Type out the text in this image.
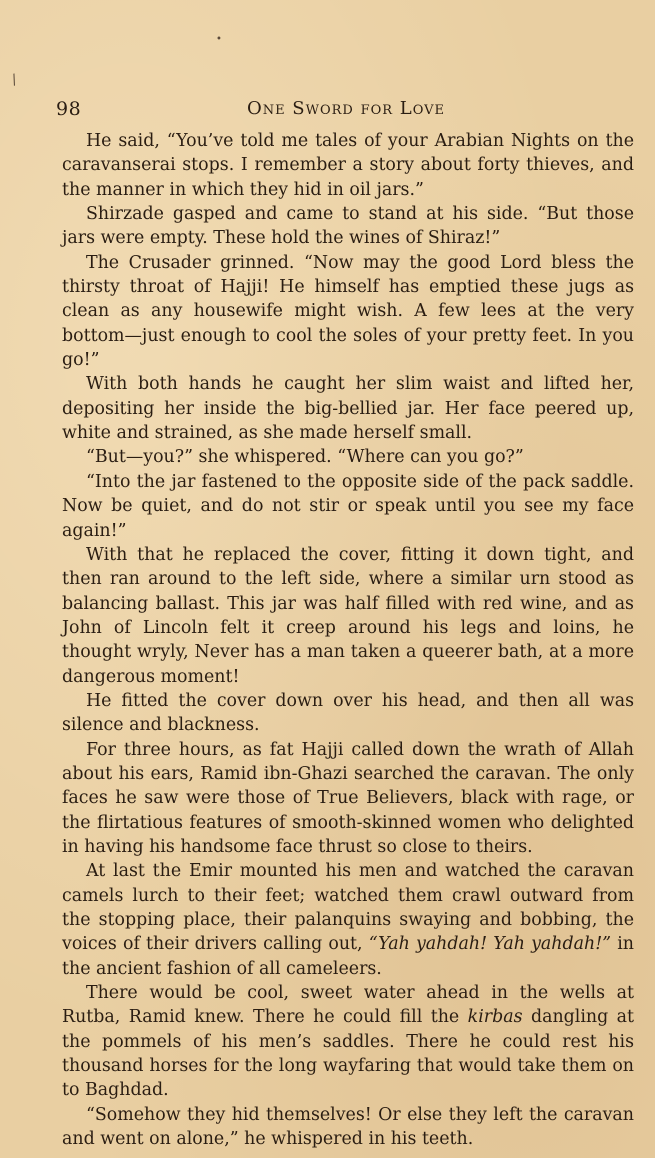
/
•
98	One Sword for Love

He said, “You’ve told me tales of your Arabian Nights on the caravanserai stops. I remember a story about forty thieves, and the manner in which they hid in oil jars.”

Shirzade gasped and came to stand at his side. “But those jars were empty. These hold the wines of Shiraz!”

The Crusader grinned. “Now may the good Lord bless the thirsty throat of Hajji! He himself has emptied these jugs as clean as any housewife might wish. A few lees at the very bottom—just enough to cool the soles of your pretty feet. In you go!”

With both hands he caught her slim waist and lifted her, depositing her inside the big-bellied jar. Her face peered up, white and strained, as she made herself small.

“But—you?” she whispered. “Where can you go?”

“Into the jar fastened to the opposite side of the pack saddle. Now be quiet, and do not stir or speak until you see my face again!”

With that he replaced the cover, fitting it down tight, and then ran around to the left side, where a similar urn stood as balancing ballast. This jar was half filled with red wine, and as John of Lincoln felt it creep around his legs and loins, he thought wryly, Never has a man taken a queerer bath, at a more dangerous moment!

He fitted the cover down over his head, and then all was silence and blackness.

For three hours, as fat Hajji called down the wrath of Allah about his ears, Ramid ibn-Ghazi searched the caravan. The only faces he saw were those of True Believers, black with rage, or the flirtatious features of smooth-skinned women who delighted in having his handsome face thrust so close to theirs.

At last the Emir mounted his men and watched the caravan camels lurch to their feet; watched them crawl outward from the stopping place, their palanquins swaying and bobbing, the voices of their drivers calling out, “Yah yahdah! Yah yahdah!” in the ancient fashion of all cameleers.

There would be cool, sweet water ahead in the wells at Rutba, Ramid knew. There he could fill the kirbas dangling at the pommels of his men’s saddles. There he could rest his thousand horses for the long wayfaring that would take them on to Baghdad.

“Somehow they hid themselves! Or else they left the caravan and went on alone,” he whispered in his teeth.
